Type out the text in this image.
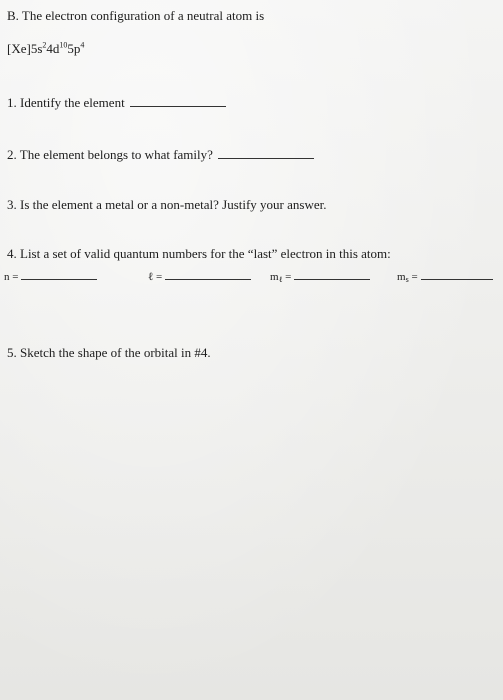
B. The electron configuration of a neutral atom is
$[Xe]5s^24d^{10}5p^4$
1. Identify the element
2. The element belongs to what family?
3. Is the element a metal or a non-metal? Justify your answer.
4. List a set of valid quantum numbers for the “last” electron in this atom:
n =	ℓ =	$m_\ell$ =	$m_s$ =
5. Sketch the shape of the orbital in #4.
